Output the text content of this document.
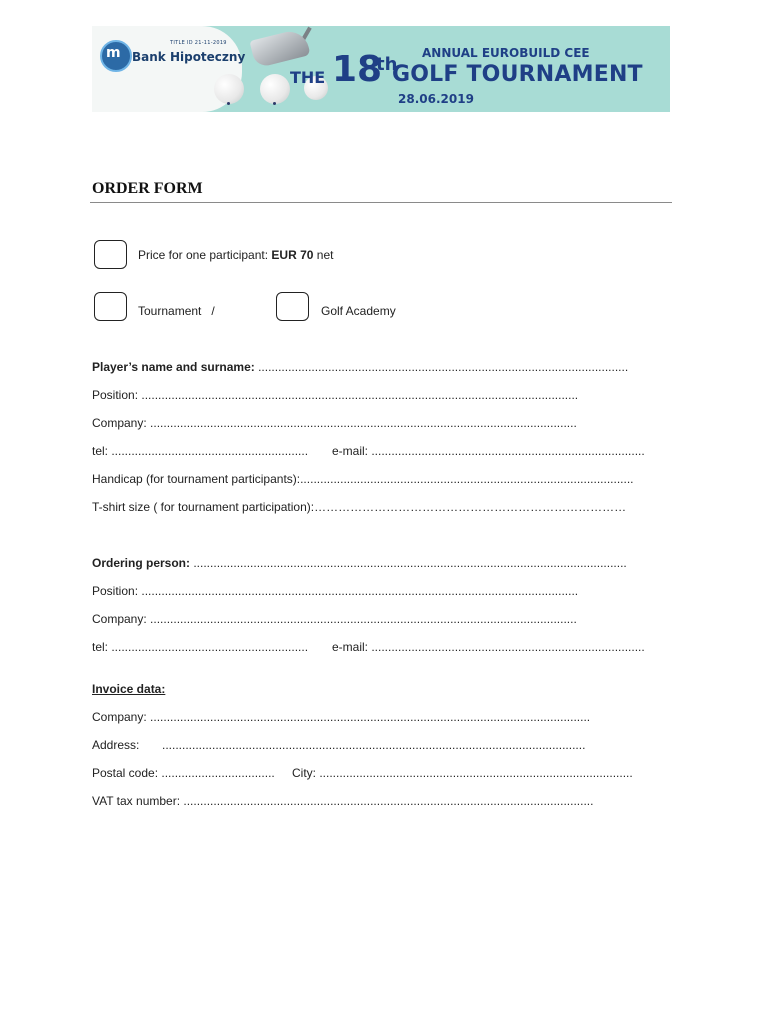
m
TITLE ID 21-11-2019
Bank Hipoteczny
THE 18
th
ANNUAL EUROBUILD CEE
GOLF TOURNAMENT
28.06.2019
ORDER FORM
Price for one participant: EUR 70 net
Tournament   /	Golf Academy
Player’s name and surname: ...............................................................................................................
Position: ...................................................................................................................................
Company: ................................................................................................................................
tel: ........................................................... e-mail: ..................................................................................
Handicap (for tournament participants):....................................................................................................
T-shirt size ( for tournament participation):……………………………………………………………………
Ordering person: ..................................................................................................................................
Position: ...................................................................................................................................
Company: ................................................................................................................................
tel: ........................................................... e-mail: ..................................................................................
Invoice data:
Company: ....................................................................................................................................
Address: ...............................................................................................................................
Postal code: .................................. City: ..............................................................................................
VAT tax number: ...........................................................................................................................
